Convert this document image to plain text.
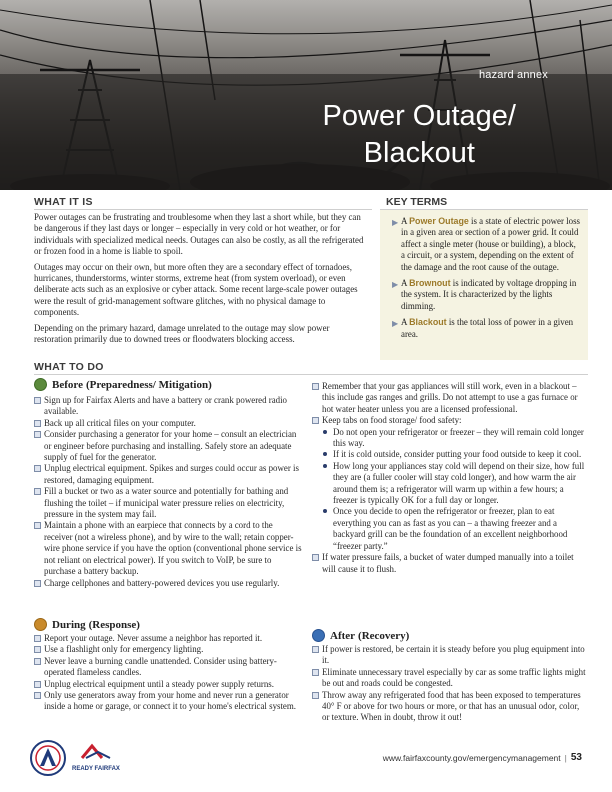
hazard annex
Power Outage/
Blackout
WHAT IT IS

Power outages can be frustrating and troublesome when they last a short while, but they can be dangerous if they last days or longer – especially in very cold or hot weather, or for individuals with specialized medical needs. Outages can also be costly, as all the refrigerated or frozen food in a home is liable to spoil.

Outages may occur on their own, but more often they are a secondary effect of tornadoes, hurricanes, thunderstorms, winter storms, extreme heat (from system overload), or even deliberate acts such as an explosive or cyber attack. Some recent large-scale power outages were the result of grid-management software glitches, with no physical damage to components.

Depending on the primary hazard, damage unrelated to the outage may slow power restoration primarily due to downed trees or floodwaters blocking access.

KEY TERMS
▶ A Power Outage is a state of electric power loss in a given area or section of a power grid. It could affect a single meter (house or building), a block, a circuit, or a system, depending on the extent of the damage and the root cause of the outage.
▶ A Brownout is indicated by voltage dropping in the system. It is characterized by the lights dimming.
▶ A Blackout is the total loss of power in a given area.
WHAT TO DO
Before (Preparedness/ Mitigation)
Sign up for Fairfax Alerts and have a battery or crank powered radio available.
Back up all critical files on your computer.
Consider purchasing a generator for your home – consult an electrician or engineer before purchasing and installing. Safely store an adequate supply of fuel for the generator.
Unplug electrical equipment. Spikes and surges could occur as power is restored, damaging equipment.
Fill a bucket or two as a water source and potentially for bathing and flushing the toilet – if municipal water pressure relies on electricity, pressure in the system may fail.
Maintain a phone with an earpiece that connects by a cord to the receiver (not a wireless phone), and by wire to the wall; retain copper-wire phone service if you have the option (conventional phone service is not reliant on electrical power). If you switch to VoIP, be sure to purchase a battery backup.
Charge cellphones and battery-powered devices you use regularly.
During (Response)
Report your outage. Never assume a neighbor has reported it.
Use a flashlight only for emergency lighting.
Never leave a burning candle unattended. Consider using battery-operated flameless candles.
Unplug electrical equipment until a steady power supply returns.
Only use generators away from your home and never run a generator inside a home or garage, or connect it to your home's electrical system.
Remember that your gas appliances will still work, even in a blackout – this include gas ranges and grills. Do not attempt to use a gas furnace or hot water heater unless you are a licensed professional.
Keep tabs on food storage/ food safety:
Do not open your refrigerator or freezer – they will remain cold longer this way.
If it is cold outside, consider putting your food outside to keep it cool.
How long your appliances stay cold will depend on their size, how full they are (a fuller cooler will stay cold longer), and how warm the air around them is; a refrigerator will warm up within a few hours; a freezer is typically OK for a full day or longer.
Once you decide to open the refrigerator or freezer, plan to eat everything you can as fast as you can – a thawing freezer and a backyard grill can be the foundation of an excellent neighborhood “freezer party.”
If water pressure fails, a bucket of water dumped manually into a toilet will cause it to flush.
After (Recovery)
If power is restored, be certain it is steady before you plug equipment into it.
Eliminate unnecessary travel especially by car as some traffic lights might be out and roads could be congested.
Throw away any refrigerated food that has been exposed to temperatures 40° F or above for two hours or more, or that has an unusual odor, color, or texture. When in doubt, throw it out!
READY FAIRFAX
www.fairfaxcounty.gov/emergencymanagement | 53
